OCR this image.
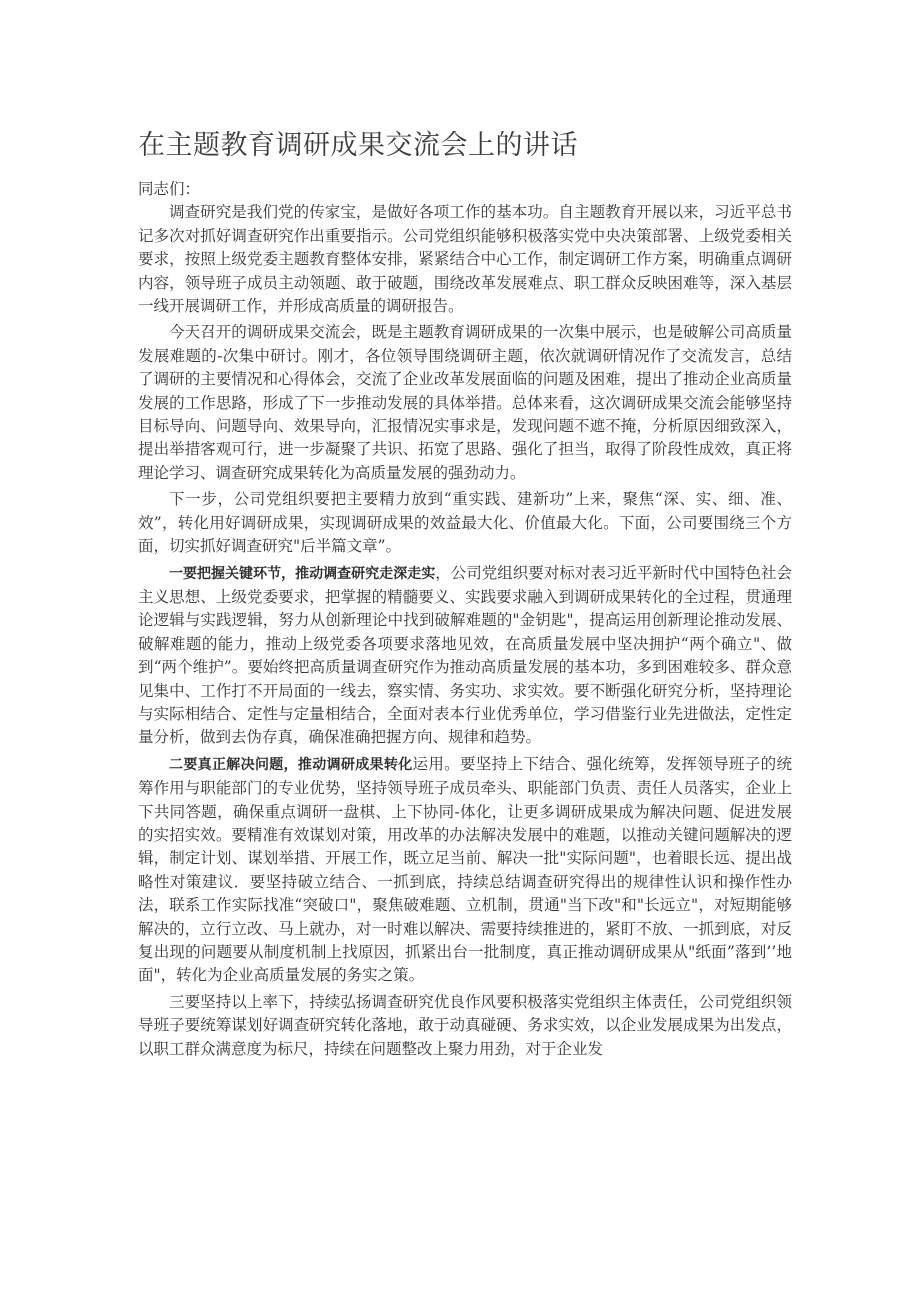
在主题教育调研成果交流会上的讲话

同志们：

调查研究是我们党的传家宝，是做好各项工作的基本功。自主题教育开展以来，习近平总书记多次对抓好调查研究作出重要指示。公司党组织能够积极落实党中央决策部署、上级党委相关要求，按照上级党委主题教育整体安排，紧紧结合中心工作，制定调研工作方案，明确重点调研内容，领导班子成员主动领题、敢于破题，围绕改革发展难点、职工群众反映困难等，深入基层一线开展调研工作，并形成高质量的调研报告。

今天召开的调研成果交流会，既是主题教育调研成果的一次集中展示，也是破解公司高质量发展难题的-次集中研讨。刚才，各位领导围绕调研主题，依次就调研情况作了交流发言，总结了调研的主要情况和心得体会，交流了企业改革发展面临的问题及困难，提出了推动企业高质量发展的工作思路，形成了下一步推动发展的具体举措。总体来看，这次调研成果交流会能够坚持目标导向、问题导向、效果导向，汇报情况实事求是，发现问题不遮不掩，分析原因细致深入，提出举措客观可行，进一步凝聚了共识、拓宽了思路、强化了担当，取得了阶段性成效，真正将理论学习、调查研究成果转化为高质量发展的强劲动力。

下一步，公司党组织要把主要精力放到“重实践、建新功”上来，聚焦“深、实、细、准、效”，转化用好调研成果，实现调研成果的效益最大化、价值最大化。下面，公司要围绕三个方面，切实抓好调查研究"后半篇文章”。

一要把握关键环节，推动调查研究走深走实，公司党组织要对标对表习近平新时代中国特色社会主义思想、上级党委要求，把掌握的精髓要义、实践要求融入到调研成果转化的全过程，贯通理论逻辑与实践逻辑，努力从创新理论中找到破解难题的"金钥匙"，提高运用创新理论推动发展、破解难题的能力，推动上级党委各项要求落地见效，在高质量发展中坚决拥护“两个确立"、做到“两个维护”。要始终把高质量调查研究作为推动高质量发展的基本功，多到困难较多、群众意见集中、工作打不开局面的一线去，察实情、务实功、求实效。要不断强化研究分析，坚持理论与实际相结合、定性与定量相结合，全面对表本行业优秀单位，学习借鉴行业先进做法，定性定量分析，做到去伪存真，确保准确把握方向、规律和趋势。

二要真正解决问题，推动调研成果转化运用。要坚持上下结合、强化统筹，发挥领导班子的统筹作用与职能部门的专业优势，坚持领导班子成员牵头、职能部门负责、责任人员落实，企业上下共同答题，确保重点调研一盘棋、上下协同-体化，让更多调研成果成为解决问题、促进发展的实招实效。要精准有效谋划对策，用改革的办法解决发展中的难题，以推动关键问题解决的逻辑，制定计划、谋划举措、开展工作，既立足当前、解决一批"实际问题"，也着眼长远、提出战略性对策建议．要坚持破立结合、一抓到底，持续总结调查研究得出的规律性认识和操作性办法，联系工作实际找准“突破口"，聚焦破难题、立机制，贯通"当下改"和"长远立"，对短期能够解决的，立行立改、马上就办，对一时难以解决、需要持续推进的，紧盯不放、一抓到底，对反复出现的问题要从制度机制上找原因，抓紧出台一批制度，真正推动调研成果从"纸面”落到’’地面"，转化为企业高质量发展的务实之策。

三要坚持以上率下，持续弘扬调查研究优良作风要积极落实党组织主体责任，公司党组织领导班子要统筹谋划好调查研究转化落地，敢于动真碰硬、务求实效，以企业发展成果为出发点，以职工群众满意度为标尺，持续在问题整改上聚力用劲，对于企业发
